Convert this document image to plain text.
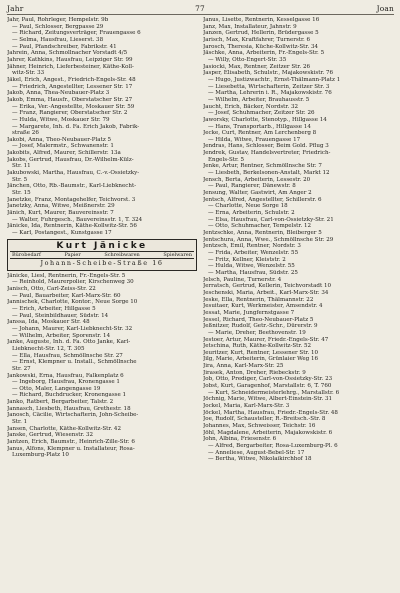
Jahr	77	Joan
Jahr, Paul, Rohrleger, Hempelstr. 9b
— Paul, Schlosser, Bergpasse 29
— Richard, Zeitungsverträger, Frauengasse 6
— Selma, Hausfrau, Lieserst. 38
— Paul, Pfandschreiber, Fabrikstr. 41
Jahrein, Anna, Schmollnacher Vorstadt 4/5
Jahrer, Kathkins, Hausfrau, Leipziger Str. 99
Jähner, Heinrich, Lieferbesteiner, Käthe-Koll-
witz-Str. 33
Jäkel, Erich, Angest., Friedrich-Engels-Str. 48
— Friedrich, Angestellter, Lessener Str. 17
Jakob, Anna, Thea-Neubauer-Platz 3
Jakob, Emma, Hausfr., Oberstatscher Str. 27
— Erika, Ver.-Angestellte, Moskauer Str. 59
— Franz, Rangierer, Oberstatscher Str. 2
— Hulda, Witwe, Moskauer Str. 79
— Margarete, Inh. d. Fa. Erich Jakob, Fabrik-
straße 26
Jakobi, Anna, Theo-Neubauer-Platz 5
— Josef, Malermstr., Schwanenstr. 1
Jakobits, Alfred, Maurer, Schillerstr. 13a
Jakobs, Gertrud, Hausfrau, Dr.-Wilhelm-Külz-
Str. 11
Jakubowski, Martha, Hausfrau, C.-v.-Ossietzky-
Str. 5
Jänchen, Otto, Rb.-Baumstr., Karl-Liebknecht-
Str. 15
Janetzke, Franz, Montagehelfer, Teichvorst. 3
Janetzky, Anna, Witwe, Meißnerstr. 29
Jänich, Kurt, Maurer, Bauvereinsstr. 7
— Walter, Fuhrgesch., Bauvereinsstr. 1, T. 324
Jänicke, Ida, Rentnerin, Käthe-Kollwitz-Str. 56
— Karl, Postangest., Kunstgasse 17
Kurt Jänicke
Bürobedarf	Papier	Schreibwaren	Spielwaren
Johann-Scheibe-Straße 16
Jänicke, Liesl, Rentnerin, Fr.-Engels-Str. 5
— Reinhold, Maurerpolier, Kirschenweg 30
Janisch, Otto, Carl-Zeiss-Str. 22
— Paul, Bauarbeiter, Karl-Marx-Str. 60
Jannischek, Charlotte, Kontor., Neue Sorge 10
— Erich, Arbeiter, Hillgasse 5
— Paul, Steinbildhauer, Südstr. 14
Janssa, Ida, Moskauer Str. 48
— Johann, Maurer, Karl-Liebknecht-Str. 32
— Wilhelm, Arbeiter, Sporenstr. 14
Janke, Auguste, Inh. d. Fa. Otto Janke, Karl-
Liebknecht-Str. 12, T. 305
— Ella, Hausfrau, Schmöllnsche Str. 27
— Ernst, Klempner u. Install., Schmöllnsche
Str. 27
Jankowski, Erna, Hausfrau, Falkenplatz 6
— Ingeborg, Hausfrau, Kronengasse 1
— Otto, Maler, Langengasse 19
— Richard, Buchdrucker, Kronengasse 1
Janko, Ratbert, Bergarbeiter, Talstr. 2
Jannasch, Liesbeth, Hausfrau, Grethestr. 18
Janosch, Cäcilie, Wirtschafterin, John-Scheibe-
Str. 1
Jansen, Charlotte, Käthe-Kollwitz-Str. 42
Janske, Gertrud, Wiesenstr. 32
Jantzen, Erich, Baumstr., Heinrich-Zille-Str. 6
Janus, Alfons, Klempner u. Installateur, Rosa-
Luxemburg-Platz 10
Janus, Lisette, Rentnerin, Kesselgasse 16
Janz, Max, Installateur, Jahnstr. 9
Janzen, Gertrud, Hellerin, Brüdergasse 5
Jarisch, Max, Kraftfahrer, Turnerstr. 6
Jarosch, Theresia, Küche-Kollwitz-Str. 34
Jäschke, Anna, Arbeiterin, Fr.-Engels-Str. 5
— Willy, Otto-Engert-Str. 35
Jasiocki, Max, Rentner, Zeitzer Str. 26
Jasper, Elisabeth, Schulstr., Majakowskistr. 76
— Hugo, Justizwachtr., Ernst-Thälmann-Platz 1
— Liesebetta, Wirtschafterin, Zeitzer Str. 3
— Martha, Lehrerin i. R., Majakowskistr. 76
— Wilhelm, Arbeiter, Brauhausstr. 5
Jaucht, Erich, Bäcker, Nordstr. 32
— Josef, Schuhmacher, Zeitzer Str. 26
Jaworsky, Charlotte, Stenotyp., Hillgasse 14
— Hans, Transportarb., Hillgasse 14
Jecke, Curt, Rentner, Am Lerchenberg 8
— Hilda, Witwe, Frauengasse 17
Jendras, Hans, Schlosser, Beim Gold. Pflug 3
Jendrek, Gustav, Handelsvertreter, Friedrich-
Engels-Str. 5
Jenke, Artur, Rentner, Schmöllnsche Str. 7
— Liesbeth, Berkelsonen-Anstalt, Markt 12
Jensch, Berta, Arbeiterin, Lessestr. 20
— Paul, Rangierer, Dänewstr. 8
Jensung, Walter, Gastwirt, Am Anger 2
Jentsch, Alfred, Angestellter, Schillerstr. 6
— Charlotte, Neue Sorge 18
— Erna, Arbeiterin, Schulstr. 2
— Elsa, Hausfrau, Carl-von-Ossietzky-Str. 21
— Otto, Schuhmacher, Tempelstr. 12
Jentzschke, Anna, Rentnerin, Bleiberger 5
Jentschura, Anna, Wwe., Schmöllnsche Str. 29
Jentzsch, Emil, Rentner, Nordstr. 3
— Frida, Arbeiter, Wenzelstr. 55
— Fritz, Kellner, Kleiststr. 2
— Hulda, Witwe, Wenzelstr. 55
— Martha, Hausfrau, Südstr. 25
Jelsch, Pauline, Turnerstr. 4
Jerratsch, Gertrud, Kellerin, Teichvorstadt 10
Jeschenski, Maria, Arbeit., Karl-Marx-Str. 34
Jeske, Ella, Rentnerin, Thälmannstr. 22
Jesuitaer, Kurt, Werkmeister, Amsendstr. 4
Jessat, Marie, Jungfernstgasse 7
Jessel, Richard, Theo-Neubauer-Platz 5
Jeßnitzer, Rudolf, Getr.-Schr., Dürerstr. 9
— Marie, Dreher, Beethovenstr. 19
Jestoer, Artur, Maurer, Friedr.-Engels-Str. 47
Jetschina, Ruth, Käthe-Kollwitz-Str. 52
Jeuritzer, Kurt, Rentner, Lessener Str. 10
Jilg, Marie, Arbeiterin, Grünlaier Weg 16
Jira, Anna, Karl-Marx-Str. 25
Jirasek, Anton, Dreher, Riebeckstr. 9
Job, Otto, Prediger, Carl-von-Ossietzky-Str. 23
Jobst, Kurt, Garagenhof, Marstallstr. 6, T. 760
— Kurt, Schneidermeisterlehrg., Marstallstr. 6
Jöchnig, Marie, Witwe, Albert-Einstein-Str. 31
Jockel, Maria, Karl-Marx-Str. 3
Jöckel, Martha, Hausfrau, Friedr.-Engels-Str. 48
Joe, Rudolf, Schausteller, R.-Breitsch.-Str. 8
Johannes, Max, Schweisser, Teichstr. 16
Jöhl, Magdalene, Arbeiterin, Majakowskistr. 6
John, Albina, Friesenstr. 6
— Alfred, Bergarbeiter, Rosa-Luxemburg-Pl. 6
— Anneliese, August-Bebel-Str. 17
— Bertha, Witwe, Nikolaikirchhof 18
